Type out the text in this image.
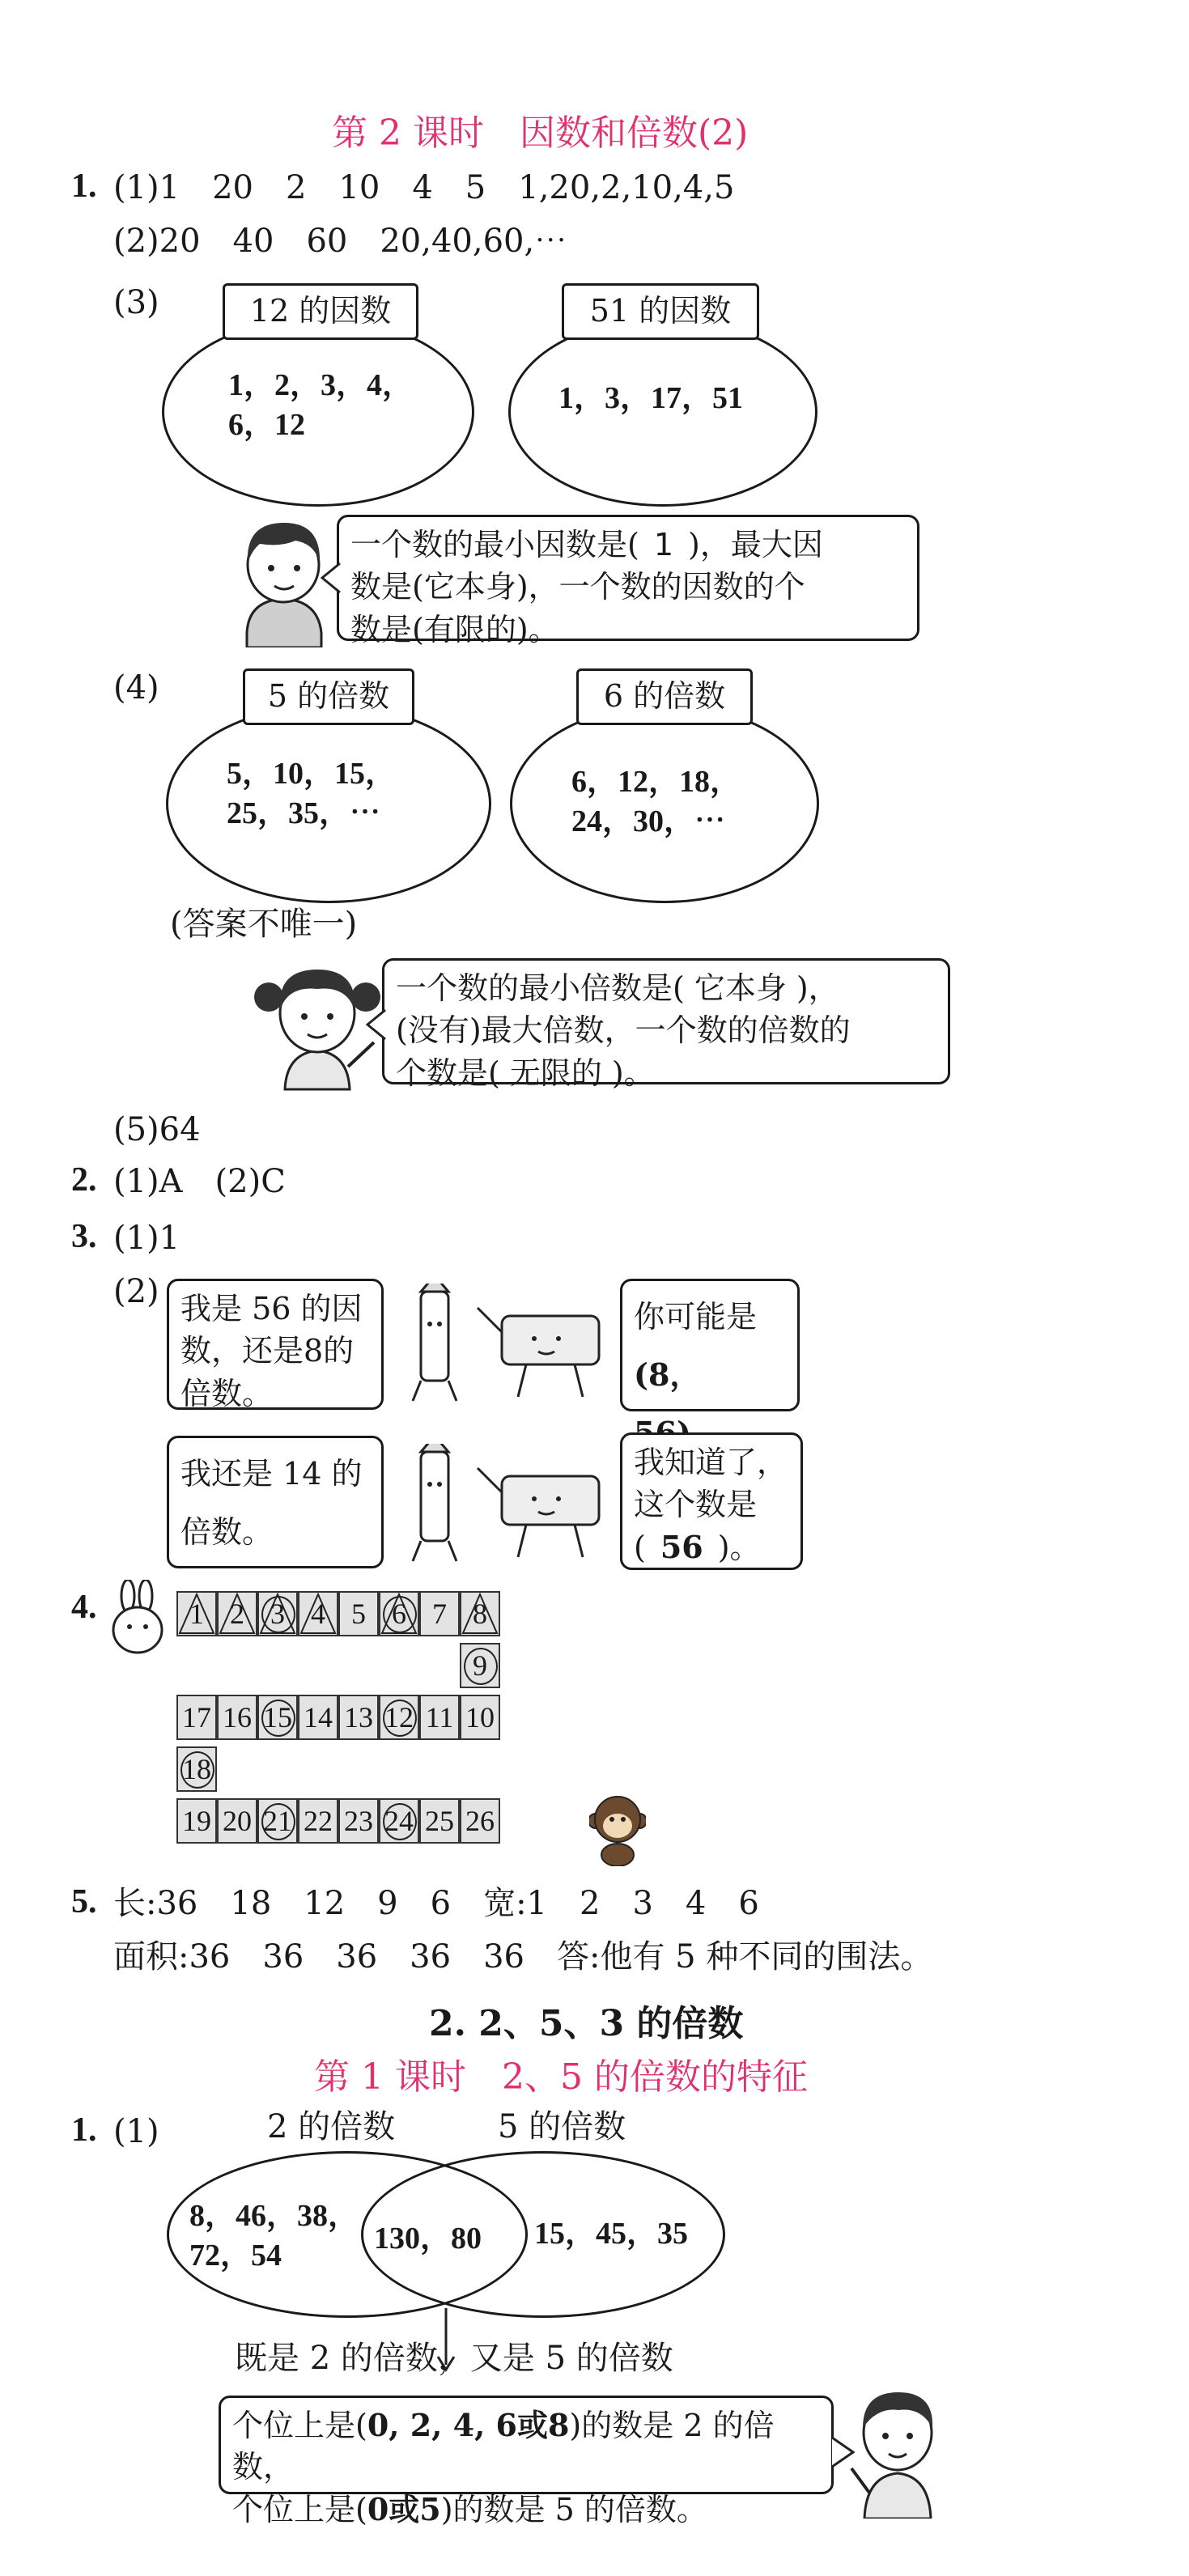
第 2 课时　因数和倍数(2)
1. (1)1　20　2　10　4　5　1,20,2,10,4,5
(2)20　40　60　20,40,60,⋯
(3)	12 的因数
1，2，3，4，
6，12
51 的因数
1，3，17，51
一个数的最小因数是( 1 )，最大因
数是(它本身)，一个数的因数的个
数是(有限的)。
(4)	5 的倍数
5，10，15，
25，35，⋯
6 的倍数
6，12，18，
24，30，⋯
(答案不唯一)
一个数的最小倍数是( 它本身 )，
(没有)最大倍数，一个数的倍数的
个数是( 无限的 )。
(5)64
2. (1)A　(2)C
3. (1)1
(2) 我是 56 的因
数，还是8的
倍数。
你可能是
(8，
我还是 14 的
倍数。
我知道了，
这个数是
( 56 )。
4.	1 2 3 4 5 6 7 8
9
17 16 15 14 13 12 11 10
18
19 20 21 22 23 24 25 26
5. 长:36　18　12　9　6　宽:1　2　3　4　6
面积:36　36　36　36　36　答:他有 5 种不同的围法。
2. 2、5、3 的倍数
第 1 课时　2、5 的倍数的特征
1. (1)	2 的倍数	5 的倍数
8，46，38，
72，54
130，80 15，45，35
既是 2 的倍数，又是 5 的倍数
个位上是(0, 2, 4, 6或8)的数是 2 的倍数，
个位上是(0或5)的数是 5 的倍数。
